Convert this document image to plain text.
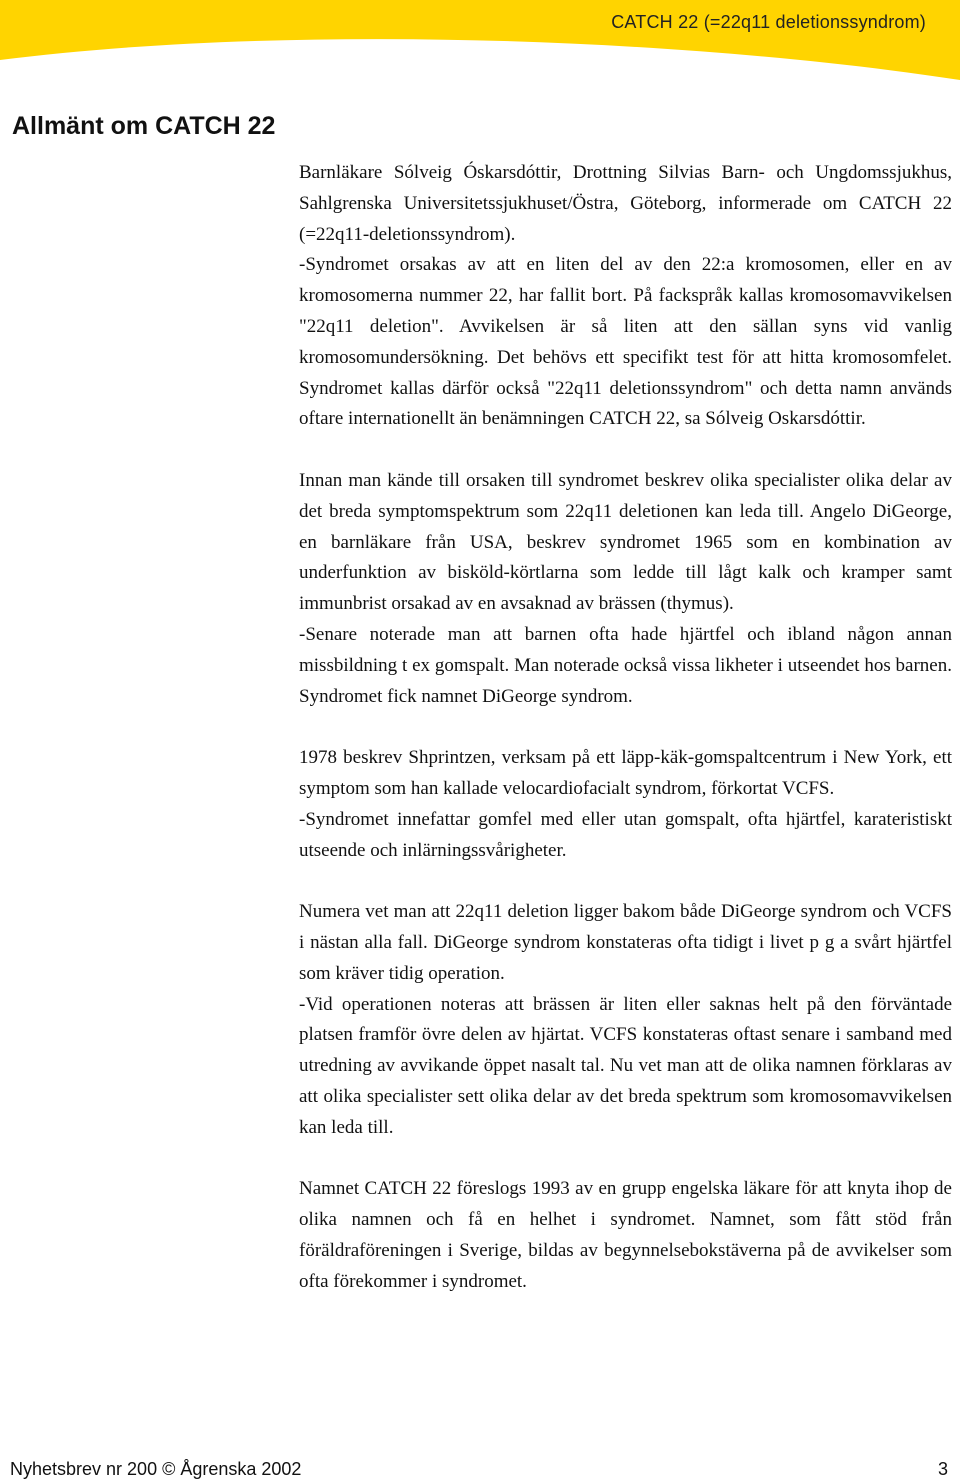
CATCH 22 (=22q11 deletionssyndrom)
Allmänt om CATCH 22

Barnläkare Sólveig Óskarsdóttir, Drottning Silvias Barn- och Ungdomssjukhus, Sahlgrenska Universitetssjukhuset/Östra, Göteborg, informerade om CATCH 22 (=22q11-deletionssyndrom).

-Syndromet orsakas av att en liten del av den 22:a kromosomen, eller en av kromosomerna nummer 22, har fallit bort. På fackspråk kallas kromosomavvikelsen "22q11 deletion". Avvikelsen är så liten att den sällan syns vid vanlig kromosomundersökning. Det behövs ett specifikt test för att hitta kromosomfelet. Syndromet kallas därför också "22q11 deletionssyndrom" och detta namn används oftare internationellt än benämningen CATCH 22, sa Sólveig Oskarsdóttir.

Innan man kände till orsaken till syndromet beskrev olika specialister olika delar av det breda symptomspektrum som 22q11 deletionen kan leda till. Angelo DiGeorge, en barnläkare från USA, beskrev syndromet 1965 som en kombination av underfunktion av bisköld-körtlarna som ledde till lågt kalk och kramper samt immunbrist orsakad av en avsaknad av brässen (thymus).

-Senare noterade man att barnen ofta hade hjärtfel och ibland någon annan missbildning t ex gomspalt. Man noterade också vissa likheter i utseendet hos barnen. Syndromet fick namnet DiGeorge syndrom.

1978 beskrev Shprintzen, verksam på ett läpp-käk-gomspaltcentrum i New York, ett symptom som han kallade velocardiofacialt syndrom, förkortat VCFS.

-Syndromet innefattar gomfel med eller utan gomspalt, ofta hjärtfel, karateristiskt utseende och inlärningssvårigheter.

Numera vet man att 22q11 deletion ligger bakom både DiGeorge syndrom och VCFS i nästan alla fall. DiGeorge syndrom konstateras ofta tidigt i livet p g a svårt hjärtfel som kräver tidig operation.

-Vid operationen noteras att brässen är liten eller saknas helt på den förväntade platsen framför övre delen av hjärtat. VCFS konstateras oftast senare i samband med utredning av avvikande öppet nasalt tal. Nu vet man att de olika namnen förklaras av att olika specialister sett olika delar av det breda spektrum som kromosomavvikelsen kan leda till.

Namnet CATCH 22 föreslogs 1993 av en grupp engelska läkare för att knyta ihop de olika namnen och få en helhet i syndromet. Namnet, som fått stöd från föräldraföreningen i Sverige, bildas av begynnelsebokstäverna på de avvikelser som ofta förekommer i syndromet.

Nyhetsbrev nr 200 © Ågrenska 2002	3
